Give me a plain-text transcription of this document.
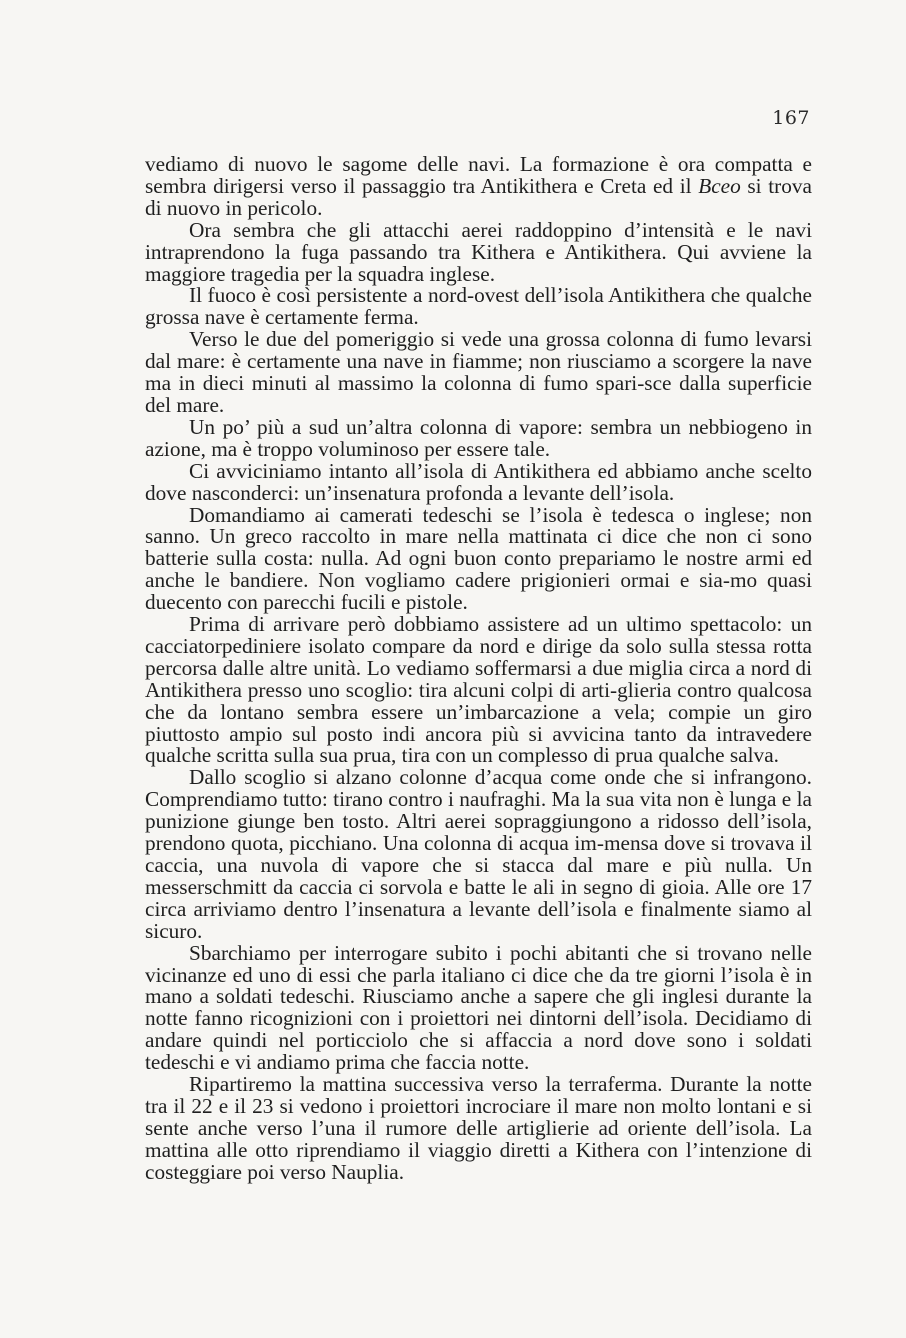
167

vediamo di nuovo le sagome delle navi. La formazione è ora compatta e sembra dirigersi verso il passaggio tra Antikithera e Creta ed il Bceo si trova di nuovo in pericolo.

Ora sembra che gli attacchi aerei raddoppino d’intensità e le navi intraprendono la fuga passando tra Kithera e Antikithera. Qui avviene la maggiore tragedia per la squadra inglese.

Il fuoco è così persistente a nord-ovest dell’isola Antikithera che qualche grossa nave è certamente ferma.

Verso le due del pomeriggio si vede una grossa colonna di fumo levarsi dal mare: è certamente una nave in fiamme; non riusciamo a scorgere la nave ma in dieci minuti al massimo la colonna di fumo spari-sce dalla superficie del mare.

Un po’ più a sud un’altra colonna di vapore: sembra un nebbiogeno in azione, ma è troppo voluminoso per essere tale.

Ci avviciniamo intanto all’isola di Antikithera ed abbiamo anche scelto dove nasconderci: un’insenatura profonda a levante dell’isola.

Domandiamo ai camerati tedeschi se l’isola è tedesca o inglese; non sanno. Un greco raccolto in mare nella mattinata ci dice che non ci sono batterie sulla costa: nulla. Ad ogni buon conto prepariamo le nostre armi ed anche le bandiere. Non vogliamo cadere prigionieri ormai e sia-mo quasi duecento con parecchi fucili e pistole.

Prima di arrivare però dobbiamo assistere ad un ultimo spettacolo: un cacciatorpediniere isolato compare da nord e dirige da solo sulla stessa rotta percorsa dalle altre unità. Lo vediamo soffermarsi a due miglia circa a nord di Antikithera presso uno scoglio: tira alcuni colpi di arti-glieria contro qualcosa che da lontano sembra essere un’imbarcazione a vela; compie un giro piuttosto ampio sul posto indi ancora più si avvicina tanto da intravedere qualche scritta sulla sua prua, tira con un complesso di prua qualche salva.

Dallo scoglio si alzano colonne d’acqua come onde che si infrangono. Comprendiamo tutto: tirano contro i naufraghi. Ma la sua vita non è lunga e la punizione giunge ben tosto. Altri aerei sopraggiungono a ridosso dell’isola, prendono quota, picchiano. Una colonna di acqua im-mensa dove si trovava il caccia, una nuvola di vapore che si stacca dal mare e più nulla. Un messerschmitt da caccia ci sorvola e batte le ali in segno di gioia. Alle ore 17 circa arriviamo dentro l’insenatura a levante dell’isola e finalmente siamo al sicuro.

Sbarchiamo per interrogare subito i pochi abitanti che si trovano nelle vicinanze ed uno di essi che parla italiano ci dice che da tre giorni l’isola è in mano a soldati tedeschi. Riusciamo anche a sapere che gli inglesi durante la notte fanno ricognizioni con i proiettori nei dintorni dell’isola. Decidiamo di andare quindi nel porticciolo che si affaccia a nord dove sono i soldati tedeschi e vi andiamo prima che faccia notte.

Ripartiremo la mattina successiva verso la terraferma. Durante la notte tra il 22 e il 23 si vedono i proiettori incrociare il mare non molto lontani e si sente anche verso l’una il rumore delle artiglierie ad oriente dell’isola. La mattina alle otto riprendiamo il viaggio diretti a Kithera con l’intenzione di costeggiare poi verso Nauplia.
